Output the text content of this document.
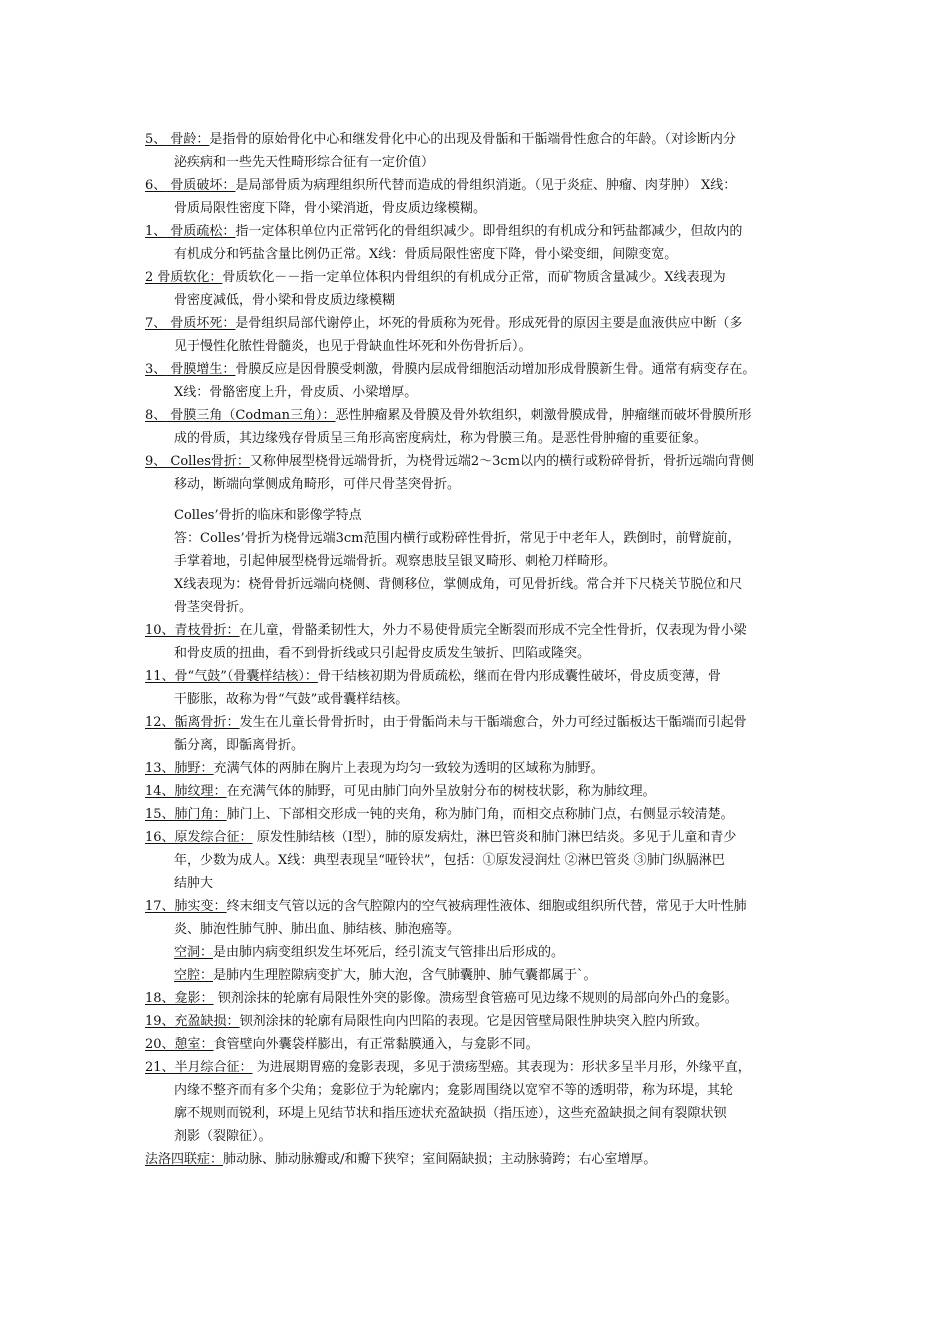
5、 骨龄：是指骨的原始骨化中心和继发骨化中心的出现及骨骺和干骺端骨性愈合的年龄。（对诊断内分
泌疾病和一些先天性畸形综合征有一定价值）
6、 骨质破坏：是局部骨质为病理组织所代替而造成的骨组织消逝。（见于炎症、肿瘤、肉芽肿） X线：
骨质局限性密度下降，骨小梁消逝，骨皮质边缘模糊。
1、 骨质疏松：指一定体积单位内正常钙化的骨组织减少。即骨组织的有机成分和钙盐都减少，但故内的
有机成分和钙盐含量比例仍正常。X线：骨质局限性密度下降，骨小梁变细，间隙变宽。
2 骨质软化：骨质软化－－指一定单位体积内骨组织的有机成分正常，而矿物质含量减少。X线表现为
骨密度减低，骨小梁和骨皮质边缘模糊
7、 骨质坏死：是骨组织局部代谢停止，坏死的骨质称为死骨。形成死骨的原因主要是血液供应中断（多
见于慢性化脓性骨髓炎，也见于骨缺血性坏死和外伤骨折后）。
3、 骨膜增生：骨膜反应是因骨膜受刺激，骨膜内层成骨细胞活动增加形成骨膜新生骨。通常有病变存在。
X线：骨骼密度上升，骨皮质、小梁增厚。
8、 骨膜三角（Codman三角）：恶性肿瘤累及骨膜及骨外软组织，刺激骨膜成骨，肿瘤继而破坏骨膜所形
成的骨质，其边缘残存骨质呈三角形高密度病灶，称为骨膜三角。是恶性骨肿瘤的重要征象。
9、 Colles骨折：又称伸展型桡骨远端骨折，为桡骨远端2～3cm以内的横行或粉碎骨折，骨折远端向背侧
移动，断端向掌侧成角畸形，可伴尺骨茎突骨折。
Colles’骨折的临床和影像学特点
答：Colles’骨折为桡骨远端3cm范围内横行或粉碎性骨折，常见于中老年人，跌倒时，前臂旋前，
手掌着地，引起伸展型桡骨远端骨折。观察患肢呈银叉畸形、刺枪刀样畸形。
X线表现为：桡骨骨折远端向桡侧、背侧移位，掌侧成角，可见骨折线。常合并下尺桡关节脱位和尺
骨茎突骨折。
10、青枝骨折：在儿童，骨骼柔韧性大，外力不易使骨质完全断裂而形成不完全性骨折，仅表现为骨小梁
和骨皮质的扭曲，看不到骨折线或只引起骨皮质发生皱折、凹陷或隆突。
11、骨“气鼓”（骨囊样结核）：骨干结核初期为骨质疏松，继而在骨内形成囊性破坏，骨皮质变薄，骨
干膨胀，故称为骨“气鼓”或骨囊样结核。
12、骺离骨折：发生在儿童长骨骨折时，由于骨骺尚未与干骺端愈合，外力可经过骺板达干骺端而引起骨
骺分离，即骺离骨折。
13、肺野：充满气体的两肺在胸片上表现为均匀一致较为透明的区域称为肺野。
14、肺纹理：在充满气体的肺野，可见由肺门向外呈放射分布的树枝状影，称为肺纹理。
15、肺门角：肺门上、下部相交形成一钝的夹角，称为肺门角，而相交点称肺门点，右侧显示较清楚。
16、原发综合征： 原发性肺结核（Ⅰ型），肺的原发病灶，淋巴管炎和肺门淋巴结炎。多见于儿童和青少
年，少数为成人。X线：典型表现呈“哑铃状”，包括：①原发浸润灶 ②淋巴管炎 ③肺门纵膈淋巴
结肿大
17、肺实变：终末细支气管以远的含气腔隙内的空气被病理性液体、细胞或组织所代替，常见于大叶性肺
炎、肺泡性肺气肿、肺出血、肺结核、肺泡癌等。
空洞：是由肺内病变组织发生坏死后，经引流支气管排出后形成的。
空腔：是肺内生理腔隙病变扩大，肺大泡，含气肺囊肿、肺气囊都属于`。
18、龛影： 钡剂涂抹的轮廓有局限性外突的影像。溃疡型食管癌可见边缘不规则的局部向外凸的龛影。
19、充盈缺损：钡剂涂抹的轮廓有局限性向内凹陷的表现。它是因管壁局限性肿块突入腔内所致。
20、憩室：食管壁向外囊袋样膨出，有正常黏膜通入，与龛影不同。
21、半月综合征： 为进展期胃癌的龛影表现，多见于溃疡型癌。其表现为：形状多呈半月形，外缘平直，
内缘不整齐而有多个尖角；龛影位于为轮廓内；龛影周围绕以宽窄不等的透明带，称为环堤，其轮
廓不规则而锐利，环堤上见结节状和指压迹状充盈缺损（指压迹），这些充盈缺损之间有裂隙状钡
剂影（裂隙征）。
法洛四联症：肺动脉、肺动脉瓣或/和瓣下狭窄；室间隔缺损；主动脉骑跨；右心室增厚。
